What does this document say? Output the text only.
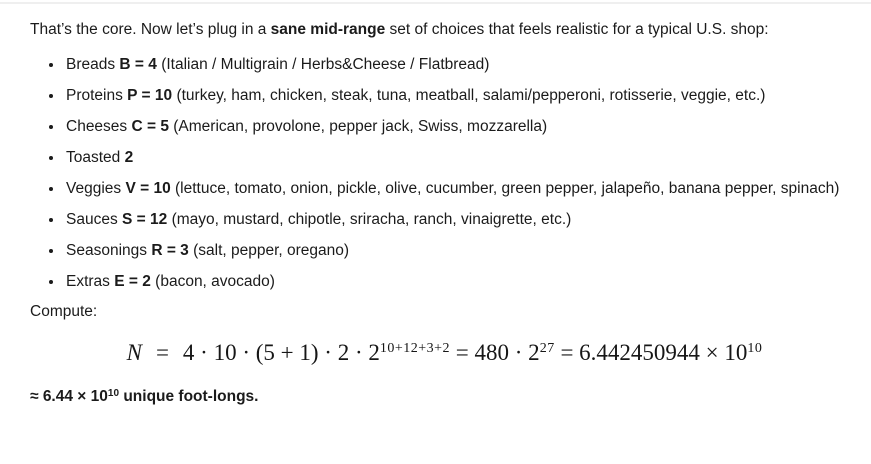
That’s the core. Now let’s plug in a sane mid-range set of choices that feels realistic for a typical U.S. shop:

• Breads B = 4 (Italian / Multigrain / Herbs&Cheese / Flatbread)
• Proteins P = 10 (turkey, ham, chicken, steak, tuna, meatball, salami/pepperoni, rotisserie, veggie, etc.)
• Cheeses C = 5 (American, provolone, pepper jack, Swiss, mozzarella)
• Toasted 2
• Veggies V = 10 (lettuce, tomato, onion, pickle, olive, cucumber, green pepper, jalapeño, banana pepper, spinach)
• Sauces S = 12 (mayo, mustard, chipotle, sriracha, ranch, vinaigrette, etc.)
• Seasonings R = 3 (salt, pepper, oregano)
• Extras E = 2 (bacon, avocado)

Compute:

$N = 4 \cdot 10 \cdot (5 + 1) \cdot 2 \cdot 2^{10+12+3+2} = 480 \cdot 2^{27} = 6.442450944 \times 10^{10}$

≈ $6.44 \times 10^{10}$ unique foot-longs.
